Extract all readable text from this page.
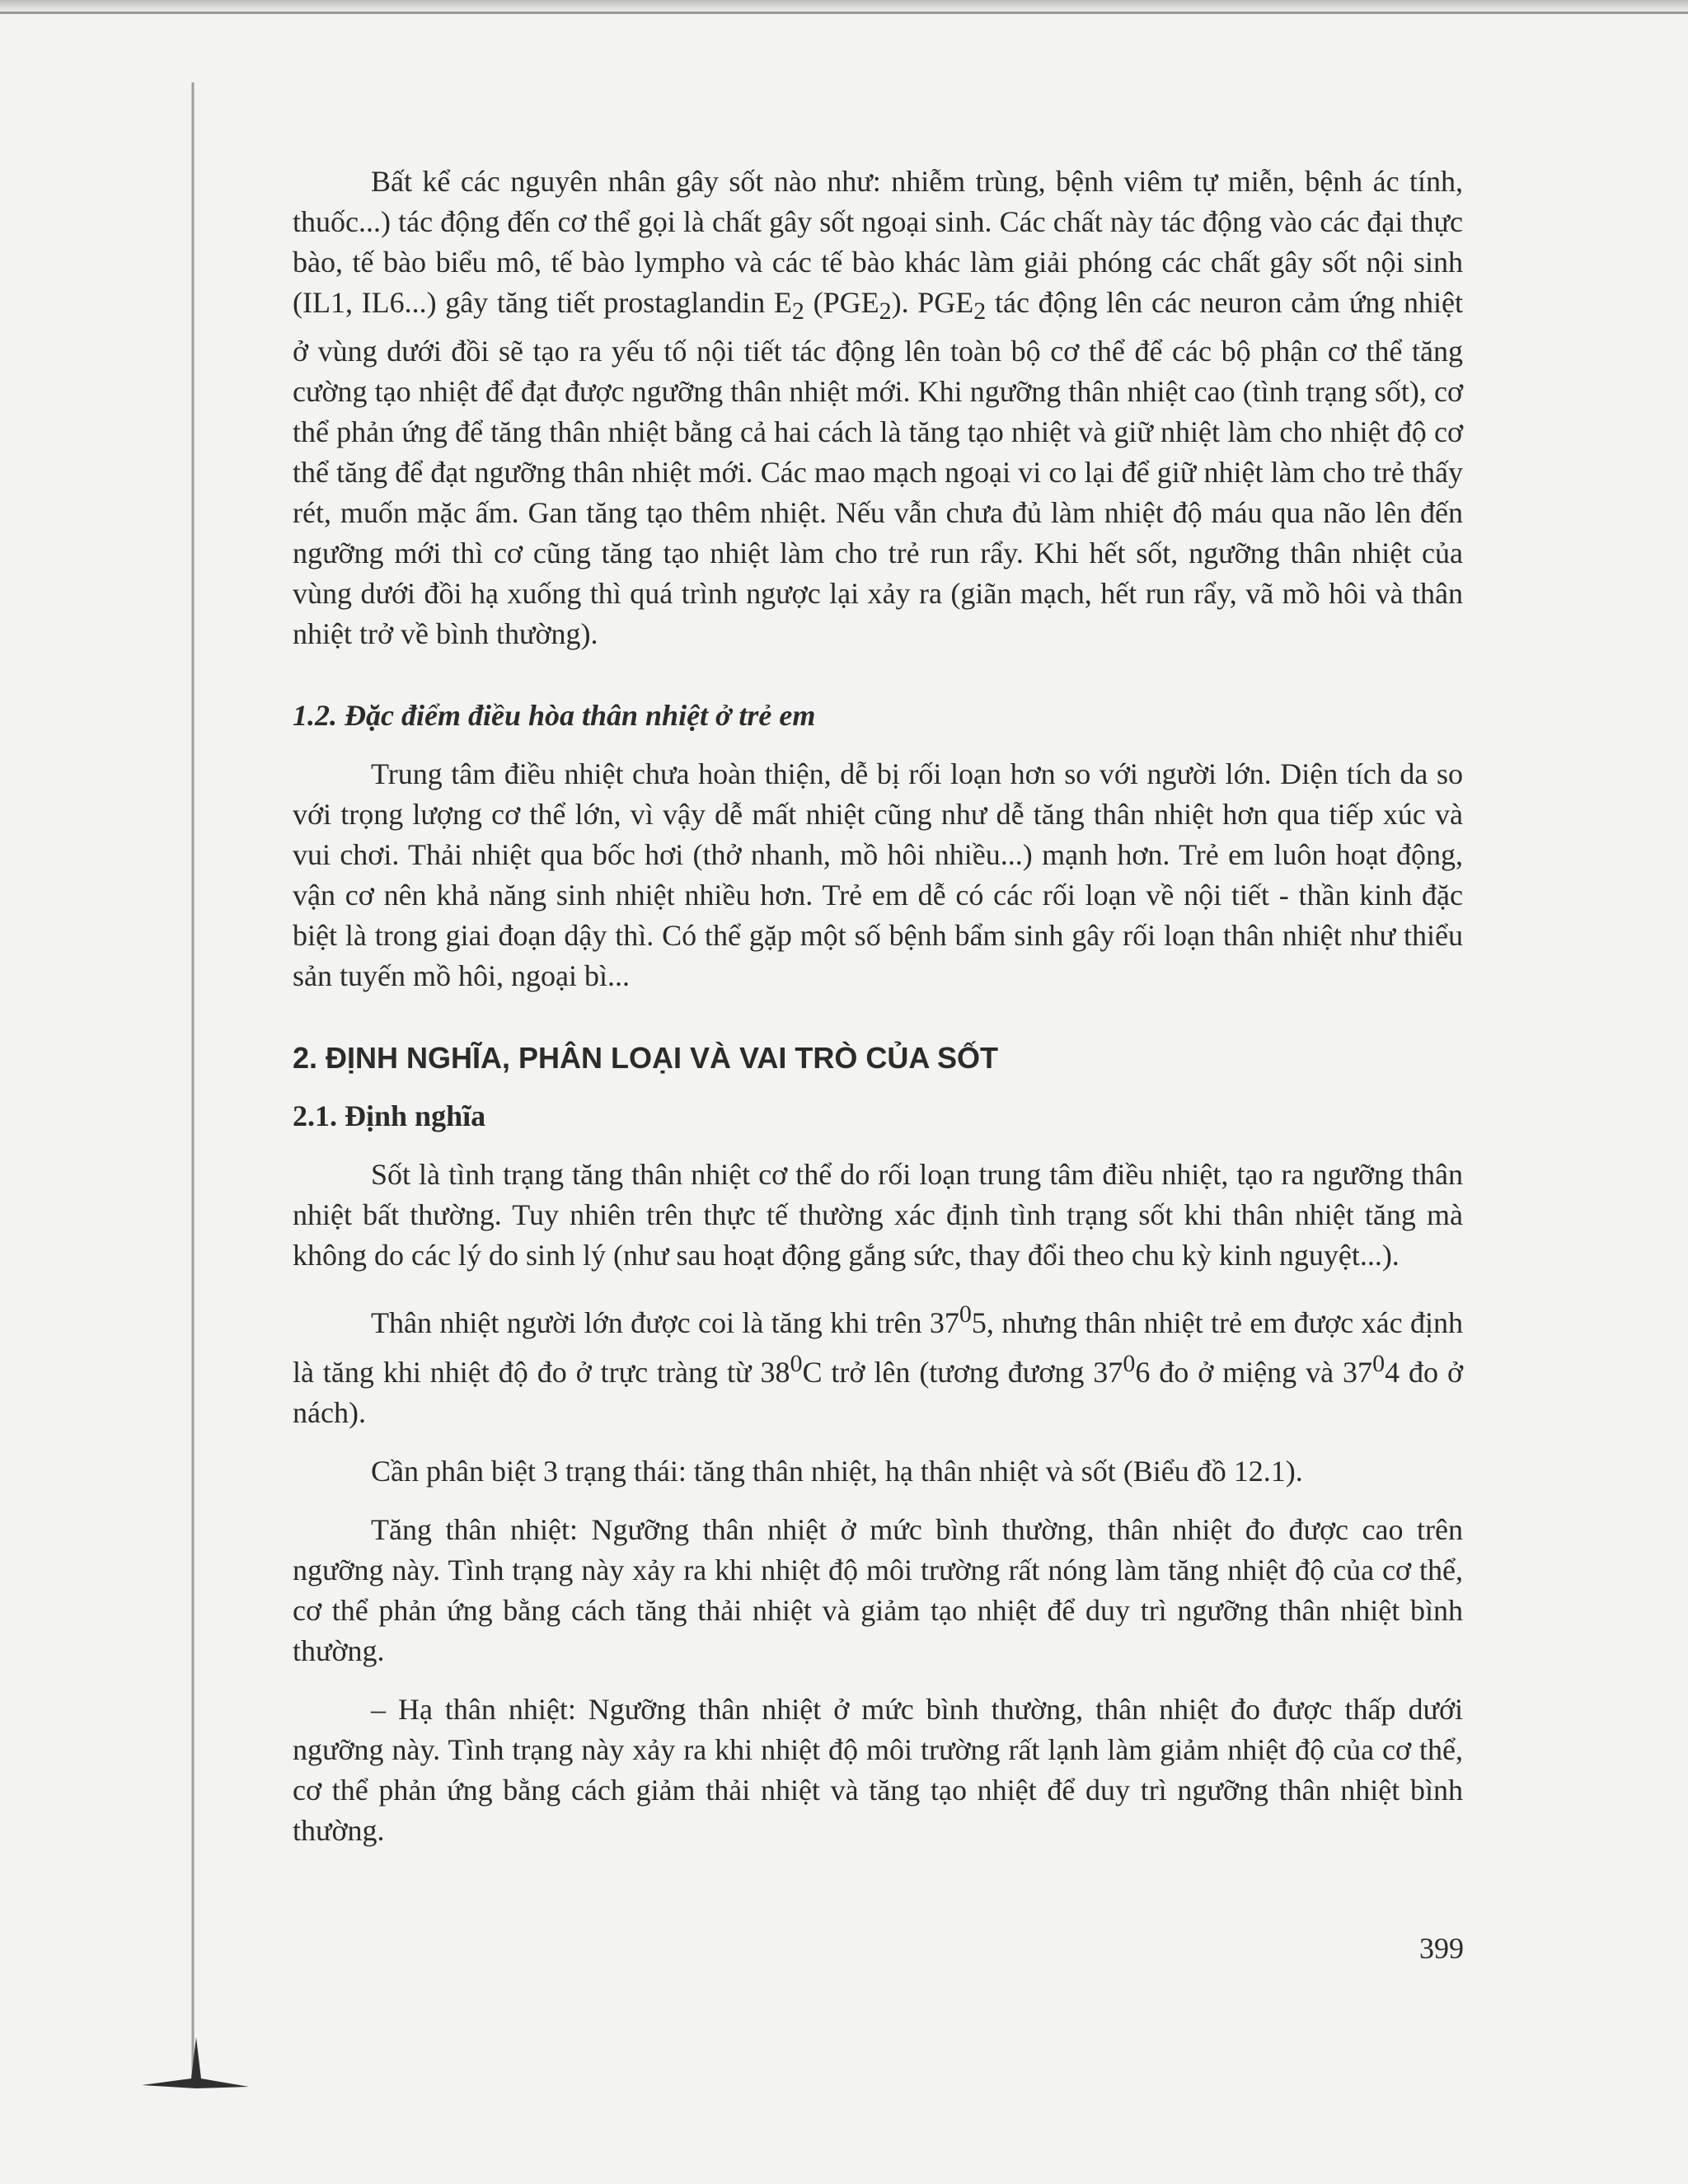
Bất kể các nguyên nhân gây sốt nào như: nhiễm trùng, bệnh viêm tự miễn, bệnh ác tính, thuốc...) tác động đến cơ thể gọi là chất gây sốt ngoại sinh. Các chất này tác động vào các đại thực bào, tế bào biểu mô, tế bào lympho và các tế bào khác làm giải phóng các chất gây sốt nội sinh (IL1, IL6...) gây tăng tiết prostaglandin $E_2$ $(PGE_2)$. $PGE_2$ tác động lên các neuron cảm ứng nhiệt ở vùng dưới đồi sẽ tạo ra yếu tố nội tiết tác động lên toàn bộ cơ thể để các bộ phận cơ thể tăng cường tạo nhiệt để đạt được ngưỡng thân nhiệt mới. Khi ngưỡng thân nhiệt cao (tình trạng sốt), cơ thể phản ứng để tăng thân nhiệt bằng cả hai cách là tăng tạo nhiệt và giữ nhiệt làm cho nhiệt độ cơ thể tăng để đạt ngưỡng thân nhiệt mới. Các mao mạch ngoại vi co lại để giữ nhiệt làm cho trẻ thấy rét, muốn mặc ấm. Gan tăng tạo thêm nhiệt. Nếu vẫn chưa đủ làm nhiệt độ máu qua não lên đến ngưỡng mới thì cơ cũng tăng tạo nhiệt làm cho trẻ run rẩy. Khi hết sốt, ngưỡng thân nhiệt của vùng dưới đồi hạ xuống thì quá trình ngược lại xảy ra (giãn mạch, hết run rẩy, vã mồ hôi và thân nhiệt trở về bình thường).

1.2. Đặc điểm điều hòa thân nhiệt ở trẻ em

Trung tâm điều nhiệt chưa hoàn thiện, dễ bị rối loạn hơn so với người lớn. Diện tích da so với trọng lượng cơ thể lớn, vì vậy dễ mất nhiệt cũng như dễ tăng thân nhiệt hơn qua tiếp xúc và vui chơi. Thải nhiệt qua bốc hơi (thở nhanh, mồ hôi nhiều...) mạnh hơn. Trẻ em luôn hoạt động, vận cơ nên khả năng sinh nhiệt nhiều hơn. Trẻ em dễ có các rối loạn về nội tiết - thần kinh đặc biệt là trong giai đoạn dậy thì. Có thể gặp một số bệnh bẩm sinh gây rối loạn thân nhiệt như thiểu sản tuyến mồ hôi, ngoại bì...

2. ĐỊNH NGHĨA, PHÂN LOẠI VÀ VAI TRÒ CỦA SỐT
2.1. Định nghĩa

Sốt là tình trạng tăng thân nhiệt cơ thể do rối loạn trung tâm điều nhiệt, tạo ra ngưỡng thân nhiệt bất thường. Tuy nhiên trên thực tế thường xác định tình trạng sốt khi thân nhiệt tăng mà không do các lý do sinh lý (như sau hoạt động gắng sức, thay đổi theo chu kỳ kinh nguyệt...).

Thân nhiệt người lớn được coi là tăng khi trên $37^05$, nhưng thân nhiệt trẻ em được xác định là tăng khi nhiệt độ đo ở trực tràng từ $38^0C$ trở lên (tương đương $37^06$ đo ở miệng và $37^04$ đo ở nách).

Cần phân biệt 3 trạng thái: tăng thân nhiệt, hạ thân nhiệt và sốt (Biểu đồ 12.1).

Tăng thân nhiệt: Ngưỡng thân nhiệt ở mức bình thường, thân nhiệt đo được cao trên ngưỡng này. Tình trạng này xảy ra khi nhiệt độ môi trường rất nóng làm tăng nhiệt độ của cơ thể, cơ thể phản ứng bằng cách tăng thải nhiệt và giảm tạo nhiệt để duy trì ngưỡng thân nhiệt bình thường.

– Hạ thân nhiệt: Ngưỡng thân nhiệt ở mức bình thường, thân nhiệt đo được thấp dưới ngưỡng này. Tình trạng này xảy ra khi nhiệt độ môi trường rất lạnh làm giảm nhiệt độ của cơ thể, cơ thể phản ứng bằng cách giảm thải nhiệt và tăng tạo nhiệt để duy trì ngưỡng thân nhiệt bình thường.

399
